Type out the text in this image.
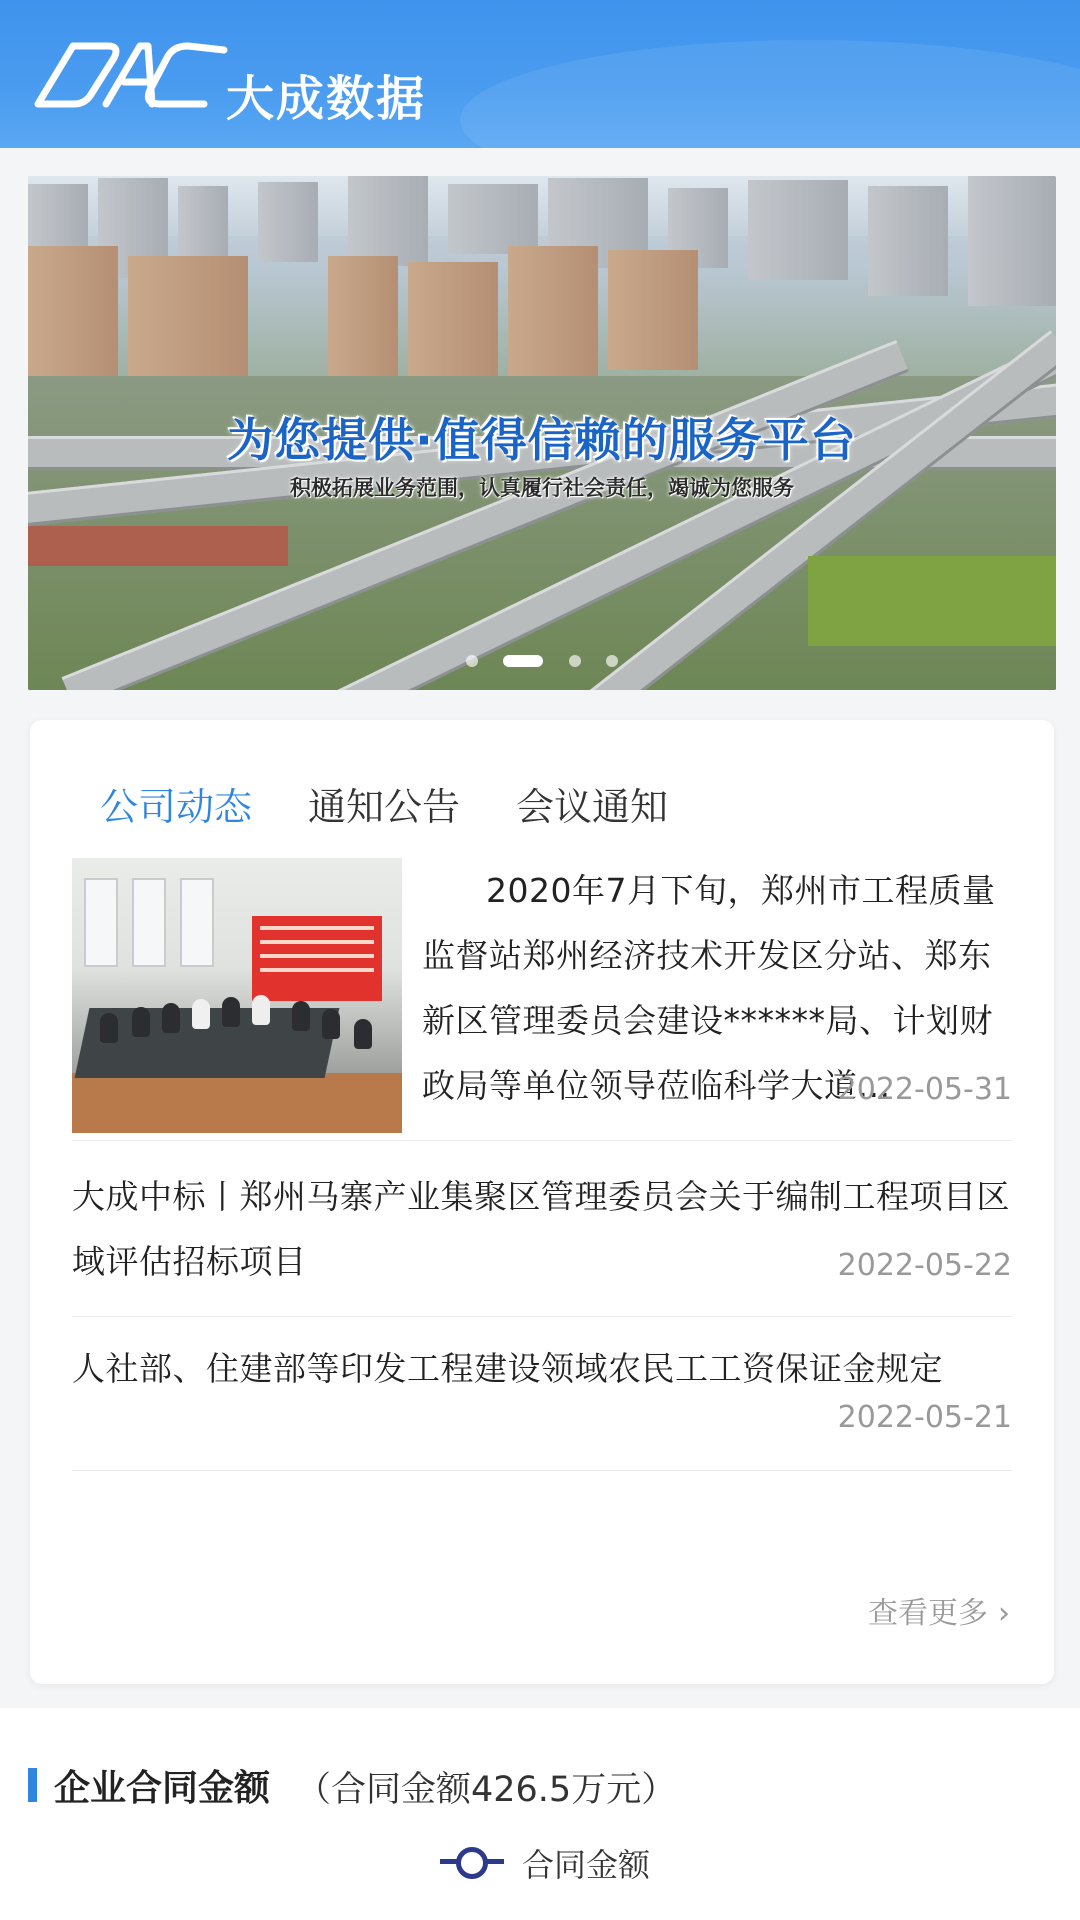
大成数据
为您提供·值得信赖的服务平台
积极拓展业务范围，认真履行社会责任，竭诚为您服务

公司动态 通知公告 会议通知
2020年7月下旬，郑州市工程质量监督站郑州经济技术开发区分站、郑东新区管理委员会建设******局、计划财政局等单位领导莅临科学大道...
2022-05-31
大成中标丨郑州马寨产业集聚区管理委员会关于编制工程项目区域评估招标项目	2022-05-22
人社部、住建部等印发工程建设领域农民工工资保证金规定
2022-05-21
查看更多 ›
企业合同金额 （合同金额426.5万元）
合同金额
